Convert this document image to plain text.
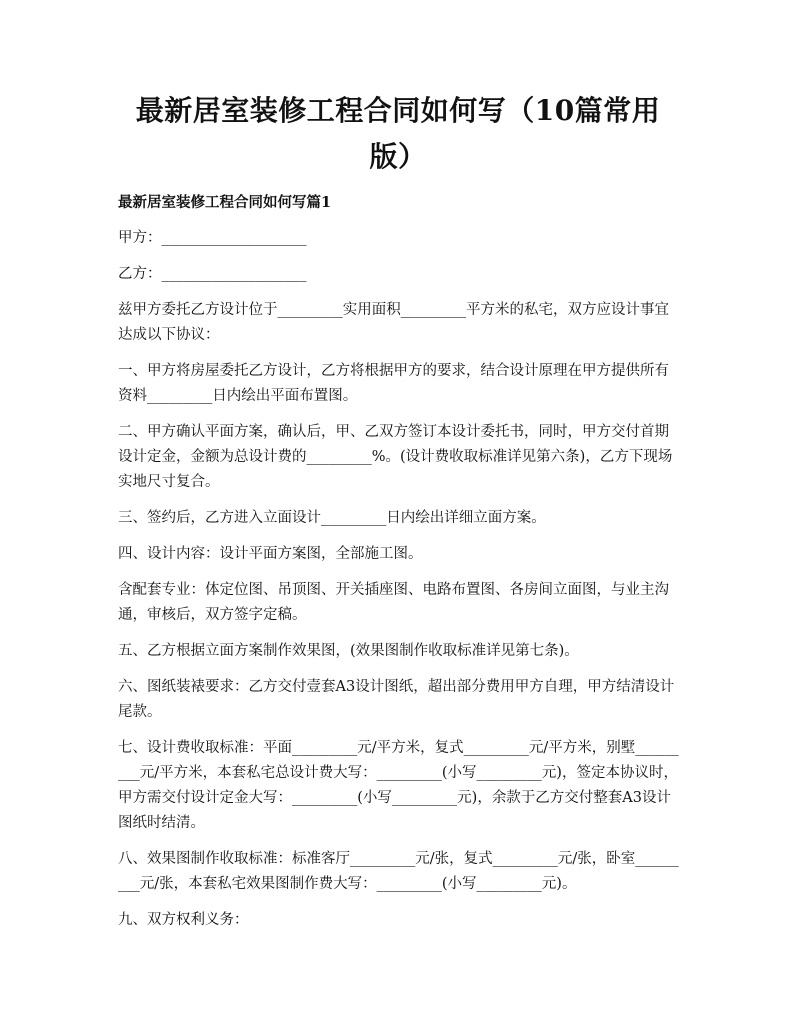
最新居室装修工程合同如何写（10篇常用版）
最新居室装修工程合同如何写篇1
甲方：____________________
乙方：____________________
兹甲方委托乙方设计位于_________实用面积_________平方米的私宅，双方应设计事宜达成以下协议：
一、甲方将房屋委托乙方设计，乙方将根据甲方的要求，结合设计原理在甲方提供所有资料_________日内绘出平面布置图。
二、甲方确认平面方案，确认后，甲、乙双方签订本设计委托书，同时，甲方交付首期设计定金，金额为总设计费的_________%。(设计费收取标准详见第六条)，乙方下现场实地尺寸复合。
三、签约后，乙方进入立面设计_________日内绘出详细立面方案。
四、设计内容：设计平面方案图，全部施工图。
含配套专业：体定位图、吊顶图、开关插座图、电路布置图、各房间立面图，与业主沟通，审核后，双方签字定稿。
五、乙方根据立面方案制作效果图，(效果图制作收取标准详见第七条)。
六、图纸装裱要求：乙方交付壹套A3设计图纸，超出部分费用甲方自理，甲方结清设计尾款。
七、设计费收取标准：平面_________元/平方米，复式_________元/平方米，别墅_________元/平方米，本套私宅总设计费大写：_________(小写_________元)，签定本协议时，甲方需交付设计定金大写：_________(小写_________元)，余款于乙方交付整套A3设计图纸时结清。
八、效果图制作收取标准：标准客厅_________元/张，复式_________元/张，卧室_________元/张，本套私宅效果图制作费大写：_________(小写_________元)。
九、双方权利义务：
